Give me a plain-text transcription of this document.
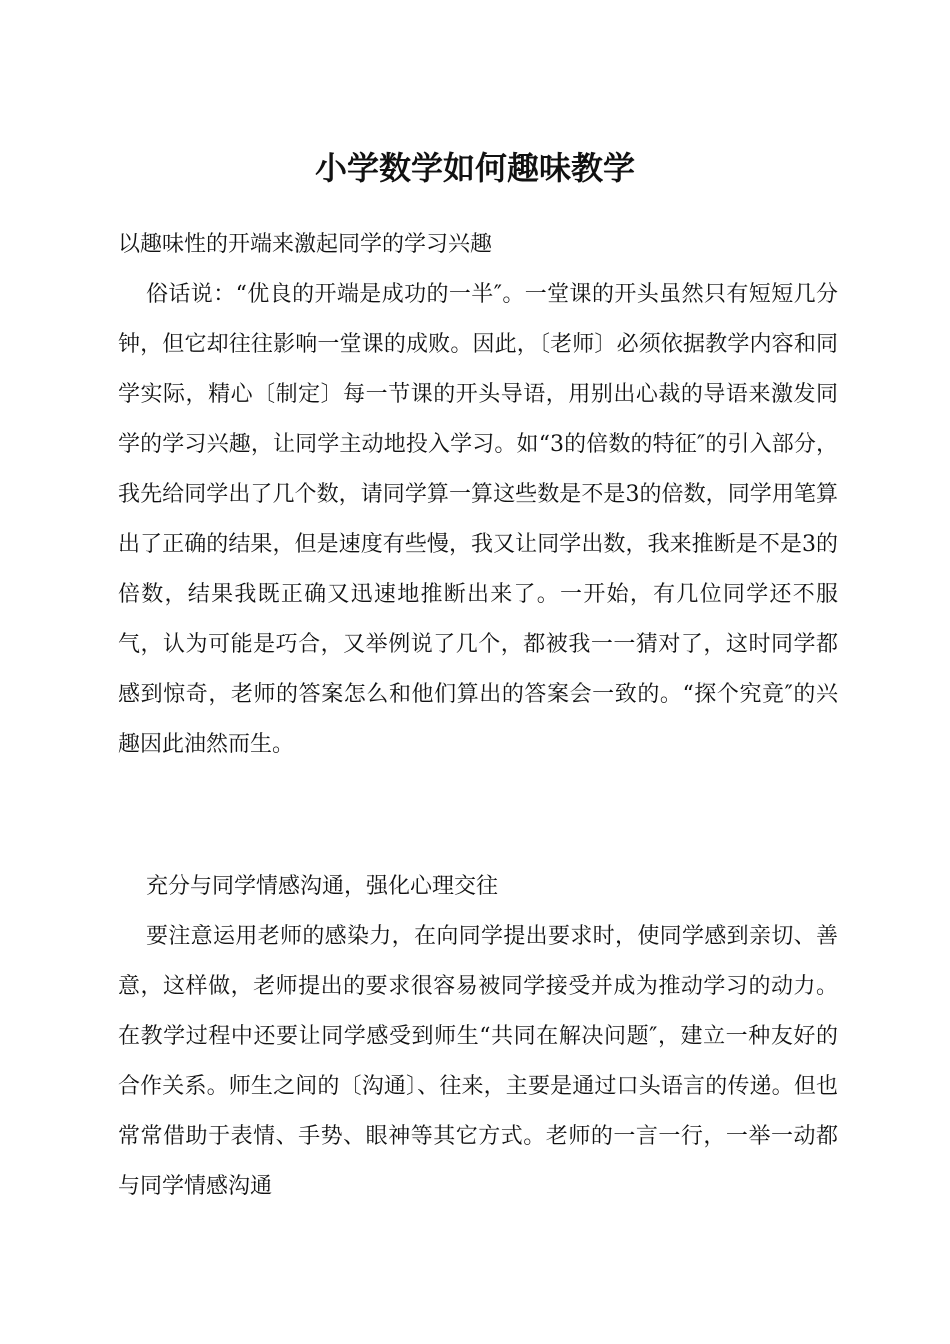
小学数学如何趣味教学

以趣味性的开端来激起同学的学习兴趣

俗话说：“优良的开端是成功的一半″。一堂课的开头虽然只有短短几分钟，但它却往往影响一堂课的成败。因此，〔老师〕必须依据教学内容和同学实际，精心〔制定〕每一节课的开头导语，用别出心裁的导语来激发同学的学习兴趣，让同学主动地投入学习。如“3的倍数的特征″的引入部分，我先给同学出了几个数，请同学算一算这些数是不是3的倍数，同学用笔算出了正确的结果，但是速度有些慢，我又让同学出数，我来推断是不是3的倍数，结果我既正确又迅速地推断出来了。一开始，有几位同学还不服气，认为可能是巧合，又举例说了几个，都被我一一猜对了，这时同学都感到惊奇，老师的答案怎么和他们算出的答案会一致的。“探个究竟″的兴趣因此油然而生。

充分与同学情感沟通，强化心理交往

要注意运用老师的感染力，在向同学提出要求时，使同学感到亲切、善意，这样做，老师提出的要求很容易被同学接受并成为推动学习的动力。在教学过程中还要让同学感受到师生“共同在解决问题″，建立一种友好的合作关系。师生之间的〔沟通〕、往来，主要是通过口头语言的传递。但也常常借助于表情、手势、眼神等其它方式。老师的一言一行，一举一动都与同学情感沟通
